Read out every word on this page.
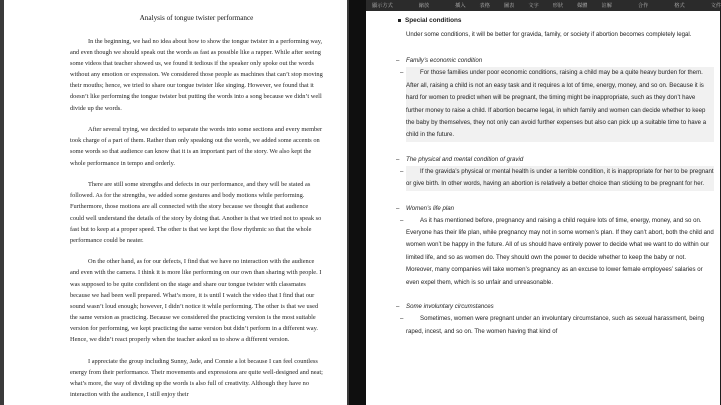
Analysis of tongue twister performance

In the beginning, we had no idea about how to show the tongue twister in a performing way, and even though we should speak out the words as fast as possible like a rapper. While after seeing some videos that teacher showed us, we found it tedious if the speaker only spoke out the words without any emotion or expression. We considered those people as machines that can’t stop moving their mouths; hence, we tried to share our tongue twister like singing. However, we found that it doesn’t like performing the tongue twister but putting the words into a song because we didn’t well divide up the words.

After several trying, we decided to separate the words into some sections and every member took charge of a part of them. Rather than only speaking out the words, we added some accents on some words so that audience can know that it is an important part of the story. We also kept the whole performance in tempo and orderly.

There are still some strengths and defects in our performance, and they will be stated as followed. As for the strengths, we added some gestures and body motions while performing. Furthermore, those motions are all connected with the story because we thought that audience could well understand the details of the story by doing that. Another is that we tried not to speak so fast but to keep at a proper speed. The other is that we kept the flow rhythmic so that the whole performance could be neater.

On the other hand, as for our defects, I find that we have no interaction with the audience and even with the camera. I think it is more like performing on our own than sharing with people. I was supposed to be quite confident on the stage and share our tongue twister with classmates because we had been well prepared. What’s more, it is until I watch the video that I find that our sound wasn’t loud enough; however, I didn’t notice it while performing. The other is that we used the same version as practicing. Because we considered the practicing version is the most suitable version for performing, we kept practicing the same version but didn’t perform in a different way. Hence, we didn’t react properly when the teacher asked us to show a different version.

I appreciate the group including Sunny, Jade, and Connie a lot because I can feel countless energy from their performance. Their movements and expressions are quite well-designed and neat; what’s more, the way of dividing up the words is also full of creativity. Although they have no interaction with the audience, I still enjoy their

顯示方式	縮放	插入	表格	圖表	文字	形狀	媒體	註解	合作	格式	文件
Special conditions
Under some conditions, it will be better for gravida, family, or society if abortion becomes completely legal.
–	Family’s economic condition
–	For those families under poor economic conditions, raising a child may be a quite heavy burden for them. After all, raising a child is not an easy task and it requires a lot of time, energy, money, and so on. Because it is hard for women to predict when will be pregnant, the timing might be inappropriate, such as they don’t have further money to raise a child. If abortion became legal, in which family and women can decide whether to keep the baby by themselves, they not only can avoid further expenses but also can pick up a suitable time to have a child in the future.
–	The physical and mental condition of gravid
–	If the gravida’s physical or mental health is under a terrible condition, it is inappropriate for her to be pregnant or give birth. In other words, having an abortion is relatively a better choice than sticking to be pregnant for her.
–	Women’s life plan
–	As it has mentioned before, pregnancy and raising a child require lots of time, energy, money, and so on. Everyone has their life plan, while pregnancy may not in some women’s plan. If they can’t abort, both the child and women won’t be happy in the future. All of us should have entirely power to decide what we want to do within our limited life, and so as women do. They should own the power to decide whether to keep the baby or not. Moreover, many companies will take women’s pregnancy as an excuse to lower female employees’ salaries or even expel them, which is so unfair and unreasonable.
–	Some involuntary circumstances
–	Sometimes, women were pregnant under an involuntary circumstance, such as sexual harassment, being raped, incest, and so on. The women having that kind of
